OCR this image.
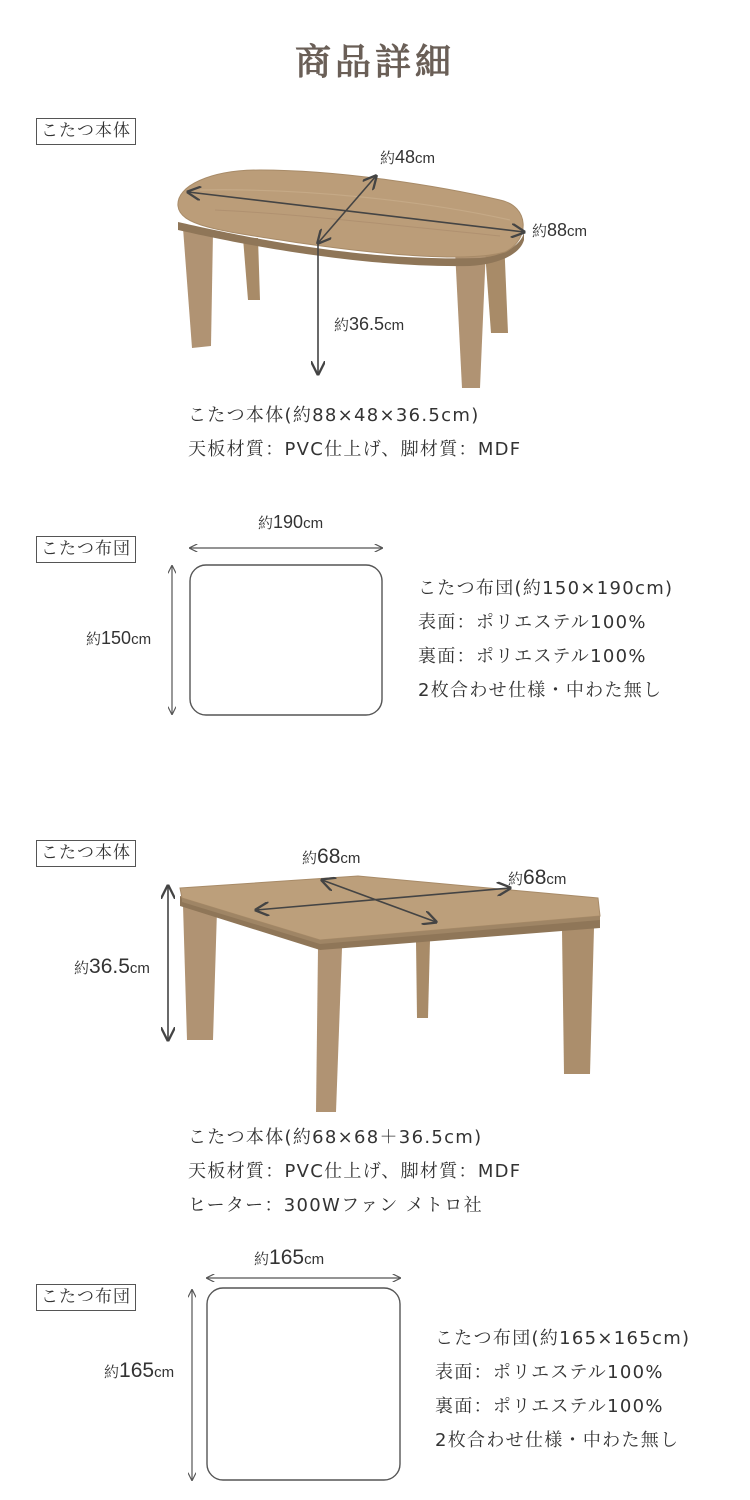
商品詳細
こたつ本体
約48cm
約88cm
約36.5cm
こたつ本体(約88×48×36.5cm)
天板材質：PVC仕上げ、脚材質：MDF
こたつ布団
約190cm
約150cm
こたつ布団(約150×190cm)
表面：ポリエステル100%
裏面：ポリエステル100%
2枚合わせ仕様・中わた無し
こたつ本体	約68cm
約68cm
約36.5cm
こたつ本体(約68×68＋36.5cm)
天板材質：PVC仕上げ、脚材質：MDF
ヒーター：300Wファン メトロ社
こたつ布団
約165cm
約165cm
こたつ布団(約165×165cm)
表面：ポリエステル100%
裏面：ポリエステル100%
2枚合わせ仕様・中わた無し
